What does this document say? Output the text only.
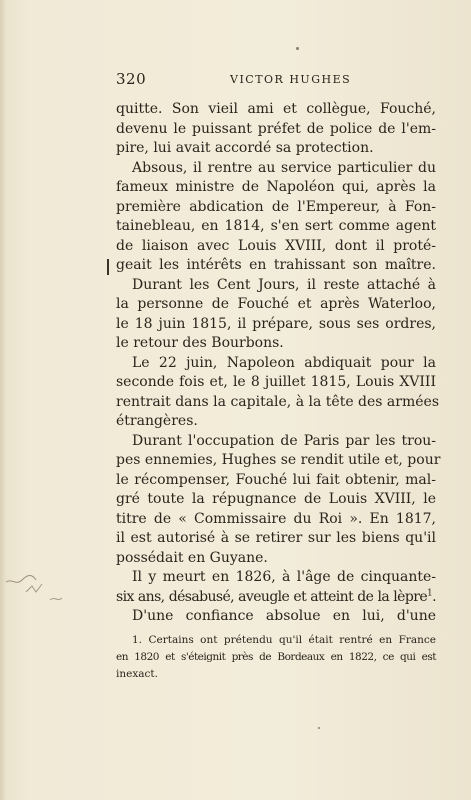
320	VICTOR HUGHES
quitte. Son vieil ami et collègue, Fouché,
devenu le puissant préfet de police de l'em-
pire, lui avait accordé sa protection.
Absous, il rentre au service particulier du
fameux ministre de Napoléon qui, après la
première abdication de l'Empereur, à Fon-
tainebleau, en 1814, s'en sert comme agent
de liaison avec Louis XVIII, dont il proté-
geait les intérêts en trahissant son maître.
Durant les Cent Jours, il reste attaché à
la personne de Fouché et après Waterloo,
le 18 juin 1815, il prépare, sous ses ordres,
le retour des Bourbons.
Le 22 juin, Napoleon abdiquait pour la
seconde fois et, le 8 juillet 1815, Louis XVIII
rentrait dans la capitale, à la tête des armées
étrangères.
Durant l'occupation de Paris par les trou-
pes ennemies, Hughes se rendit utile et, pour
le récompenser, Fouché lui fait obtenir, mal-
gré toute la répugnance de Louis XVIII, le
titre de « Commissaire du Roi ». En 1817,
il est autorisé à se retirer sur les biens qu'il
possédait en Guyane.
Il y meurt en 1826, à l'âge de cinquante-
six ans, désabusé, aveugle et atteint de la lèpre$^1$.
D'une confiance absolue en lui, d'une
1. Certains ont prétendu qu'il était rentré en France
en 1820 et s'éteignit près de Bordeaux en 1822, ce qui est
inexact.
